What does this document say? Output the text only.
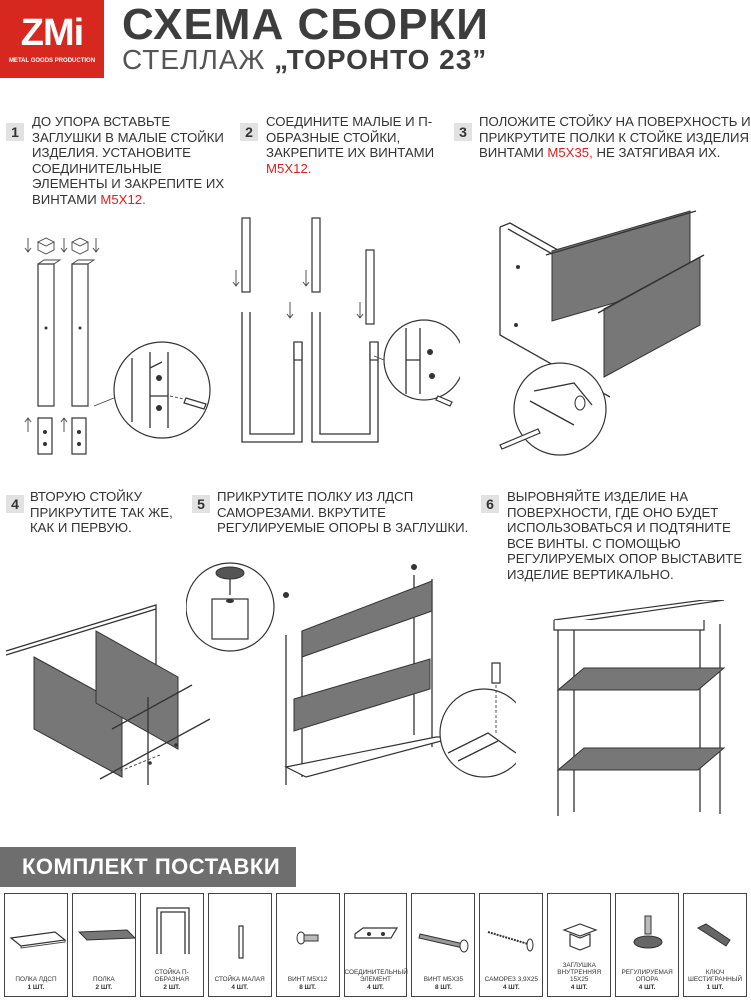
ZMi
METAL GOODS PRODUCTION
СХЕМА СБОРКИ
СТЕЛЛАЖ „ТОРОНТО 23”
1
ДО УПОРА ВСТАВЬТЕ ЗАГЛУШКИ В МАЛЫЕ СТОЙКИ ИЗДЕЛИЯ. УСТАНОВИТЕ СОЕДИНИТЕЛЬНЫЕ ЭЛЕМЕНТЫ И ЗАКРЕПИТЕ ИХ ВИНТАМИ M5X12.
2
СОЕДИНИТЕ МАЛЫЕ И П-ОБРАЗНЫЕ СТОЙКИ, ЗАКРЕПИТЕ ИХ ВИНТАМИ M5X12.
3
ПОЛОЖИТЕ СТОЙКУ НА ПОВЕРХНОСТЬ И ПРИКРУТИТЕ ПОЛКИ К СТОЙКЕ ИЗДЕЛИЯ ВИНТАМИ M5X35, НЕ ЗАТЯГИВАЯ ИХ.
4 ВТОРУЮ СТОЙКУ ПРИКРУТИТЕ ТАК ЖЕ, КАК И ПЕРВУЮ.
5 ПРИКРУТИТЕ ПОЛКУ ИЗ ЛДСП САМОРЕЗАМИ. ВКРУТИТЕ РЕГУЛИРУЕМЫЕ ОПОРЫ В ЗАГЛУШКИ.
6 ВЫРОВНЯЙТЕ ИЗДЕЛИЕ НА ПОВЕРХНОСТИ, ГДЕ ОНО БУДЕТ ИСПОЛЬЗОВАТЬСЯ И ПОДТЯНИТЕ ВСЕ ВИНТЫ. С ПОМОЩЬЮ РЕГУЛИРУЕМЫХ ОПОР ВЫСТАВИТЕ ИЗДЕЛИЕ ВЕРТИКАЛЬНО.
КОМПЛЕКТ ПОСТАВКИ
ПОЛКА ЛДСП
1 ШТ.
ПОЛКА
2 ШТ.
СТОЙКА П-ОБРАЗНАЯ
2 ШТ.
СТОЙКА МАЛАЯ
4 ШТ.
ВИНТ M5X12
8 ШТ.
СОЕДИНИТЕЛЬНЫЙ ЭЛЕМЕНТ
4 ШТ.
ВИНТ M5X35
8 ШТ.
САМОРЕЗ 3,9X25
4 ШТ.
ЗАГЛУШКА ВНУТРЕННЯЯ 15X25
4 ШТ.
РЕГУЛИРУЕМАЯ ОПОРА
4 ШТ.
КЛЮЧ ШЕСТИГРАННЫЙ
1 ШТ.
